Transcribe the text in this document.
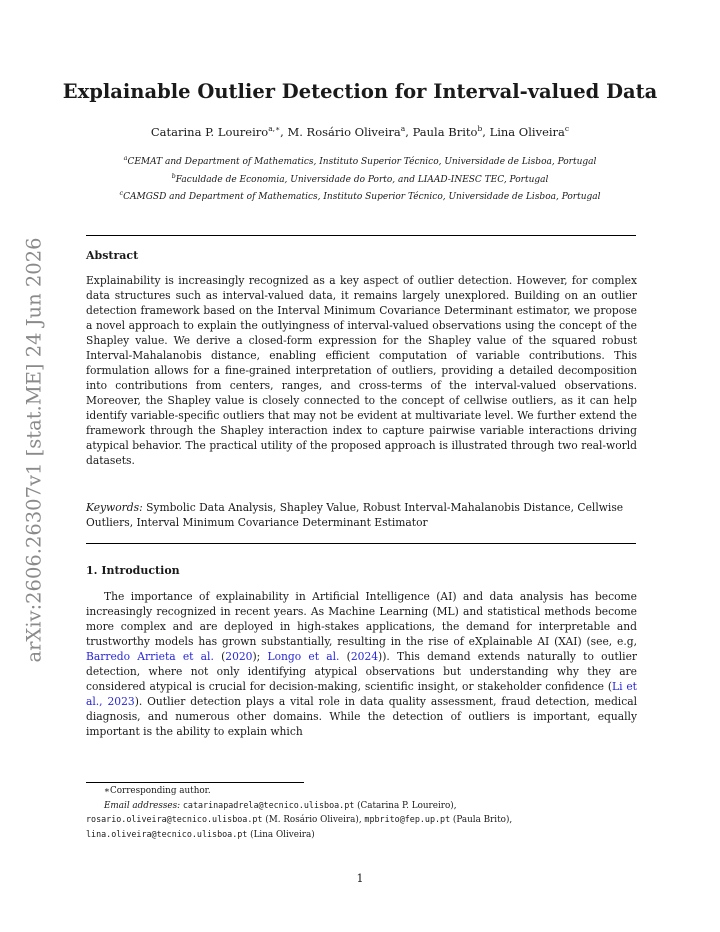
arXiv:2606.26307v1 [stat.ME] 24 Jun 2026
Explainable Outlier Detection for Interval-valued Data
Catarina P. Loureiro$^{a,∗}$, M. Rosário Oliveira$^a$, Paula Brito$^b$, Lina Oliveira$^c$
$^a$CEMAT and Department of Mathematics, Instituto Superior Técnico, Universidade de Lisboa, Portugal
$^b$Faculdade de Economia, Universidade do Porto, and LIAAD-INESC TEC, Portugal
$^c$CAMGSD and Department of Mathematics, Instituto Superior Técnico, Universidade de Lisboa, Portugal
Abstract
Explainability is increasingly recognized as a key aspect of outlier detection. However, for complex data structures such as interval-valued data, it remains largely unexplored. Building on an outlier detection framework based on the Interval Minimum Covariance Determinant estimator, we propose a novel approach to explain the outlyingness of interval-valued observations using the concept of the Shapley value. We derive a closed-form expression for the Shapley value of the squared robust Interval-Mahalanobis distance, enabling efficient computation of variable contributions. This formulation allows for a fine-grained interpretation of outliers, providing a detailed decomposition into contributions from centers, ranges, and cross-terms of the interval-valued observations. Moreover, the Shapley value is closely connected to the concept of cellwise outliers, as it can help identify variable-specific outliers that may not be evident at multivariate level. We further extend the framework through the Shapley interaction index to capture pairwise variable interactions driving atypical behavior. The practical utility of the proposed approach is illustrated through two real-world datasets.
Keywords: Symbolic Data Analysis, Shapley Value, Robust Interval-Mahalanobis Distance, Cellwise Outliers, Interval Minimum Covariance Determinant Estimator
1. Introduction
The importance of explainability in Artificial Intelligence (AI) and data analysis has become increasingly recognized in recent years. As Machine Learning (ML) and statistical methods become more complex and are deployed in high-stakes applications, the demand for interpretable and trustworthy models has grown substantially, resulting in the rise of eXplainable AI (XAI) (see, e.g, Barredo Arrieta et al. (2020); Longo et al. (2024)). This demand extends naturally to outlier detection, where not only identifying atypical observations but understanding why they are considered atypical is crucial for decision-making, scientific insight, or stakeholder confidence (Li et al., 2023). Outlier detection plays a vital role in data quality assessment, fraud detection, medical diagnosis, and numerous other domains. While the detection of outliers is important, equally important is the ability to explain which
∗Corresponding author.
Email addresses: catarinapadrela@tecnico.ulisboa.pt (Catarina P. Loureiro),
rosario.oliveira@tecnico.ulisboa.pt (M. Rosário Oliveira), mpbrito@fep.up.pt (Paula Brito),
lina.oliveira@tecnico.ulisboa.pt (Lina Oliveira)
1
